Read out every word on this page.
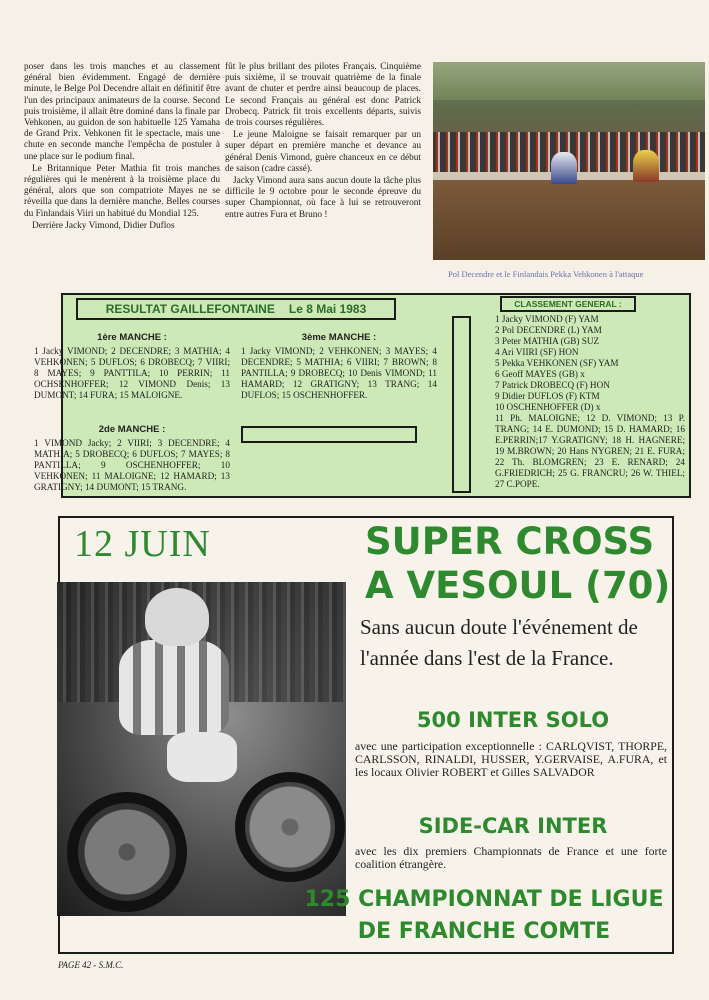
poser dans les trois manches et au classement général bien évidemment. Engagé de dernière minute, le Belge Pol Decendre allait en définitif être l'un des principaux animateurs de la course. Second puis troisième, il allait être dominé dans la finale par Vehkonen, au guidon de son habituelle 125 Yamaha de Grand Prix. Vehkonen fit le spectacle, mais une chute en seconde manche l'empêcha de postuler à une place sur le podium final.

Le Britannique Peter Mathia fit trois manches régulières qui le menèrent à la troisième place du général, alors que son compatriote Mayes ne se réveilla que dans la dernière manche. Belles courses du Finlandais Viiri un habitué du Mondial 125.

Derrière Jacky Vimond, Didier Duflos

fût le plus brillant des pilotes Français. Cinquième puis sixième, il se trouvait quatrième de la finale avant de chuter et perdre ainsi beaucoup de places. Le second Français au général est donc Patrick Drobecq. Patrick fit trois excellents départs, suivis de trois courses régulières.

Le jeune Maloigne se faisait remarquer par un super départ en première manche et devance au général Denis Vimond, guère chanceux en ce début de saison (cadre cassé).

Jacky Vimond aura sans aucun doute la tâche plus difficile le 9 octobre pour le seconde épreuve du super Championnat, où face à lui se retrouveront entre autres Fura et Bruno !

Pol Decendre et le Finlandais Pekka Vehkonen à l'attaque
RESULTAT GAILLEFONTAINE Le 8 Mai 1983
1ère MANCHE :
1 Jacky VIMOND; 2 DECENDRE; 3 MATHIA; 4 VEHKONEN; 5 DUFLOS; 6 DROBECQ; 7 VIIRI; 8 MAYES; 9 PANTTILA; 10 PERRIN; 11 OCHSENHOFFER; 12 VIMOND Denis; 13 DUMONT; 14 FURA; 15 MALOIGNE.
2de MANCHE :
1 VIMOND Jacky; 2 VIIRI; 3 DECENDRE; 4 MATHIA; 5 DROBECQ; 6 DUFLOS; 7 MAYES; 8 PANTILLA; 9 OSCHENHOFFER; 10 VEHKONEN; 11 MALOIGNE; 12 HAMARD; 13 GRATIGNY; 14 DUMONT; 15 TRANG.
3ème MANCHE :
1 Jacky VIMOND; 2 VEHKONEN; 3 MAYES; 4 DECENDRE; 5 MATHIA; 6 VIIRI; 7 BROWN; 8 PANTILLA; 9 DROBECQ; 10 Denis VIMOND; 11 HAMARD; 12 GRATIGNY; 13 TRANG; 14 DUFLOS; 15 OSCHENHOFFER.
CLASSEMENT GENERAL :
1 Jacky VIMOND (F) YAM
2 Pol DECENDRE (L) YAM
3 Peter MATHIA (GB) SUZ
4 Ari VIIRI (SF) HON
5 Pekka VEHKONEN (SF) YAM
6 Geoff MAYES (GB) x
7 Patrick DROBECQ (F) HON
9 Didier DUFLOS (F) KTM
10 OSCHENHOFFER (D) x
11 Ph. MALOIGNE; 12 D. VIMOND; 13 P. TRANG; 14 E. DUMOND; 15 D. HAMARD; 16 E.PERRIN;17 Y.GRATIGNY; 18 H. HAGNERE; 19 M.BROWN; 20 Hans NYGREN; 21 E. FURA; 22 Th. BLOMGREN; 23 E. RENARD; 24 G.FRIEDRICH; 25 G. FRANCRU; 26 W. THIEL; 27 C.POPE.
12 JUIN	SUPER CROSS
A VESOUL (70)
Sans aucun doute l'événement de l'année dans l'est de la France.
500 INTER SOLO
avec une participation exceptionnelle : CARLQVIST, THORPE, CARLSSON, RINALDI, HUSSER, Y.GERVAISE, A.FURA, et les locaux Olivier ROBERT et Gilles SALVADOR
SIDE-CAR INTER
avec les dix premiers Championnats de France et une forte coalition étrangère.
125 CHAMPIONNAT DE LIGUE DE FRANCHE COMTE
PAGE 42 - S.M.C.
